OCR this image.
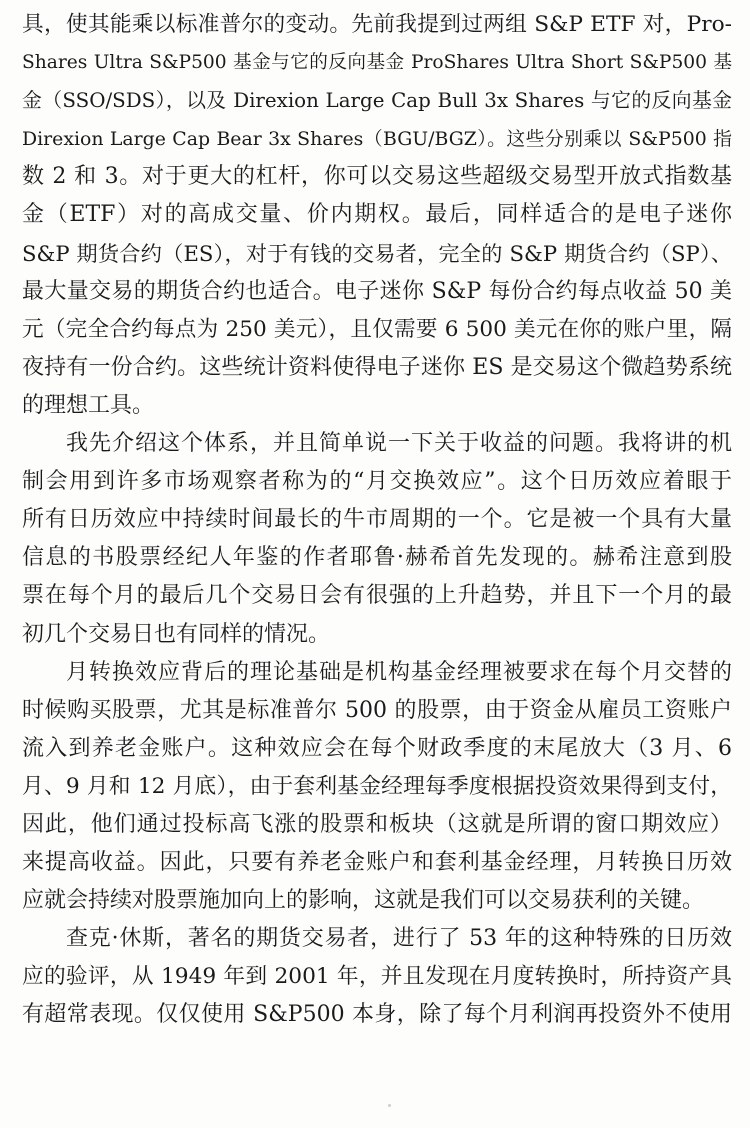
具，使其能乘以标准普尔的变动。先前我提到过两组 S&P ETF 对，Pro-
Shares Ultra S&P500 基金与它的反向基金 ProShares Ultra Short S&P500 基
金（SSO/SDS），以及 Direxion Large Cap Bull 3x Shares 与它的反向基金
Direxion Large Cap Bear 3x Shares（BGU/BGZ）。这些分别乘以 S&P500 指
数 2 和 3。对于更大的杠杆，你可以交易这些超级交易型开放式指数基
金（ETF）对的高成交量、价内期权。最后，同样适合的是电子迷你
S&P 期货合约（ES），对于有钱的交易者，完全的 S&P 期货合约（SP）、
最大量交易的期货合约也适合。电子迷你 S&P 每份合约每点收益 50 美
元（完全合约每点为 250 美元），且仅需要 6 500 美元在你的账户里，隔
夜持有一份合约。这些统计资料使得电子迷你 ES 是交易这个微趋势系统
的理想工具。
我先介绍这个体系，并且简单说一下关于收益的问题。我将讲的机
制会用到许多市场观察者称为的“月交换效应”。这个日历效应着眼于
所有日历效应中持续时间最长的牛市周期的一个。它是被一个具有大量
信息的书股票经纪人年鉴的作者耶鲁·赫希首先发现的。赫希注意到股
票在每个月的最后几个交易日会有很强的上升趋势，并且下一个月的最
初几个交易日也有同样的情况。
月转换效应背后的理论基础是机构基金经理被要求在每个月交替的
时候购买股票，尤其是标准普尔 500 的股票，由于资金从雇员工资账户
流入到养老金账户。这种效应会在每个财政季度的末尾放大（3 月、6
月、9 月和 12 月底），由于套利基金经理每季度根据投资效果得到支付，
因此，他们通过投标高飞涨的股票和板块（这就是所谓的窗口期效应）
来提高收益。因此，只要有养老金账户和套利基金经理，月转换日历效
应就会持续对股票施加向上的影响，这就是我们可以交易获利的关键。
查克·休斯，著名的期货交易者，进行了 53 年的这种特殊的日历效
应的验评，从 1949 年到 2001 年，并且发现在月度转换时，所持资产具
有超常表现。仅仅使用 S&P500 本身，除了每个月利润再投资外不使用
